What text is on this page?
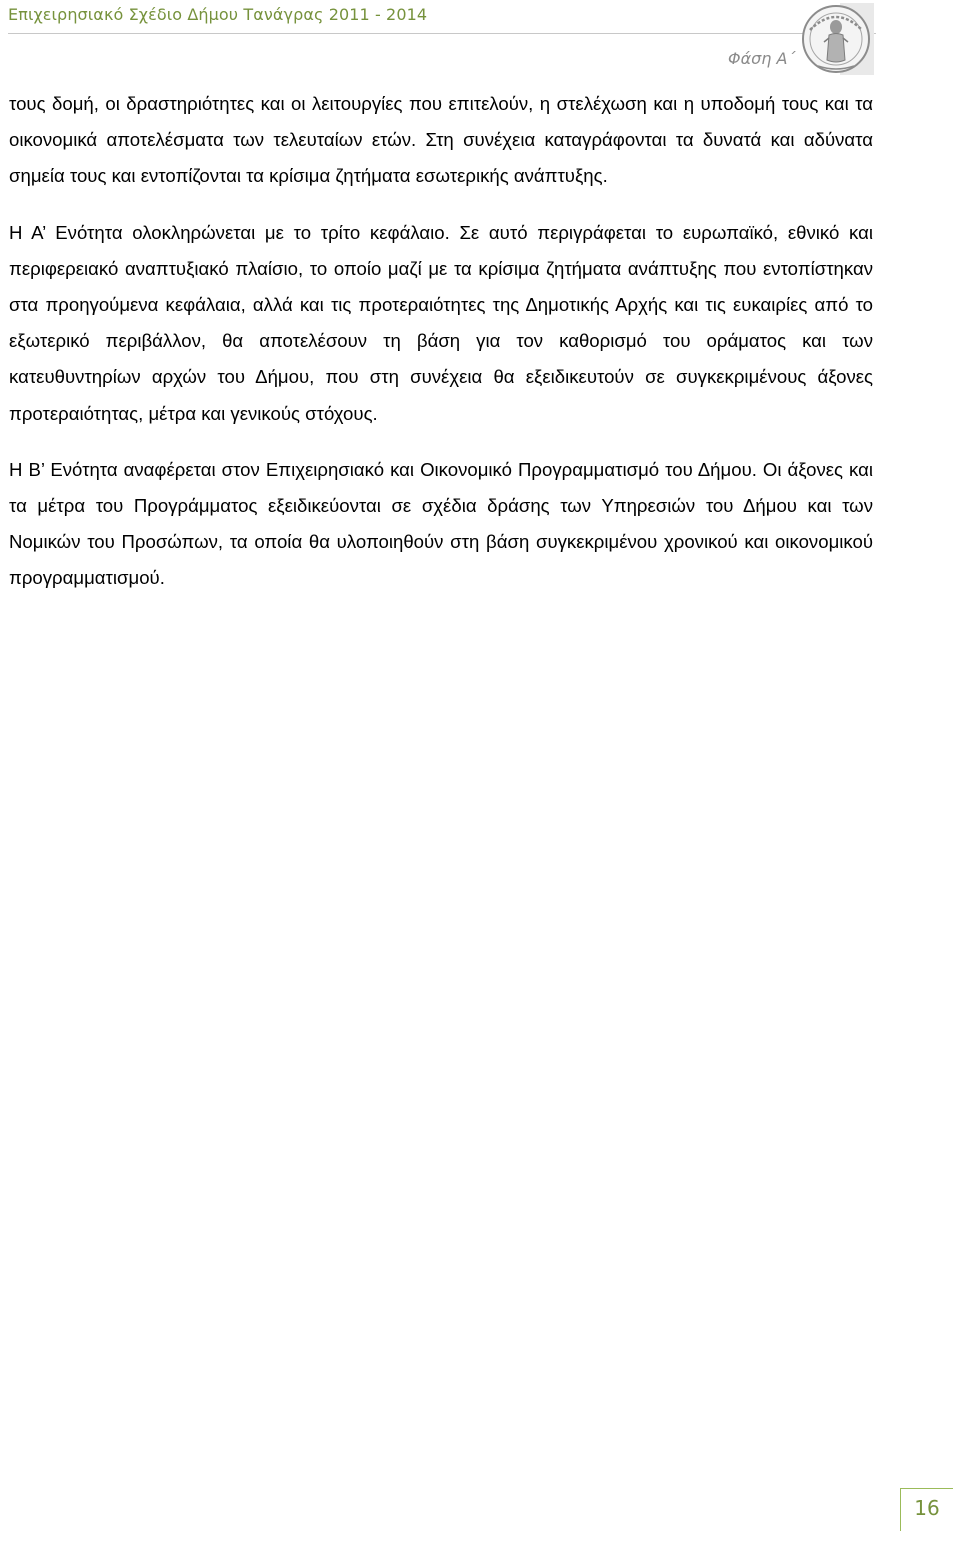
Επιχειρησιακό Σχέδιο Δήμου Τανάγρας 2011 - 2014
Φάση Α΄

τους δομή, οι δραστηριότητες και οι λειτουργίες που επιτελούν, η στελέχωση και η υποδομή τους και τα οικονομικά αποτελέσματα των τελευταίων ετών. Στη συνέχεια καταγράφονται τα δυνατά και αδύνατα σημεία τους και εντοπίζονται τα κρίσιμα ζητήματα εσωτερικής ανάπτυξης.

Η Α’ Ενότητα ολοκληρώνεται με το τρίτο κεφάλαιο. Σε αυτό περιγράφεται το ευρωπαϊκό, εθνικό και περιφερειακό αναπτυξιακό πλαίσιο, το οποίο μαζί με τα κρίσιμα ζητήματα ανάπτυξης που εντοπίστηκαν στα προηγούμενα κεφάλαια, αλλά και τις προτεραιότητες της Δημοτικής Αρχής και τις ευκαιρίες από το εξωτερικό περιβάλλον, θα αποτελέσουν τη βάση για τον καθορισμό του οράματος και των κατευθυντηρίων αρχών του Δήμου, που στη συνέχεια θα εξειδικευτούν σε συγκεκριμένους άξονες προτεραιότητας, μέτρα και γενικούς στόχους.

Η Β’ Ενότητα αναφέρεται στον Επιχειρησιακό και Οικονομικό Προγραμματισμό του Δήμου. Οι άξονες και τα μέτρα του Προγράμματος εξειδικεύονται σε σχέδια δράσης των Υπηρεσιών του Δήμου και των Νομικών του Προσώπων, τα οποία θα υλοποιηθούν στη βάση συγκεκριμένου χρονικού και οικονομικού προγραμματισμού.

16
